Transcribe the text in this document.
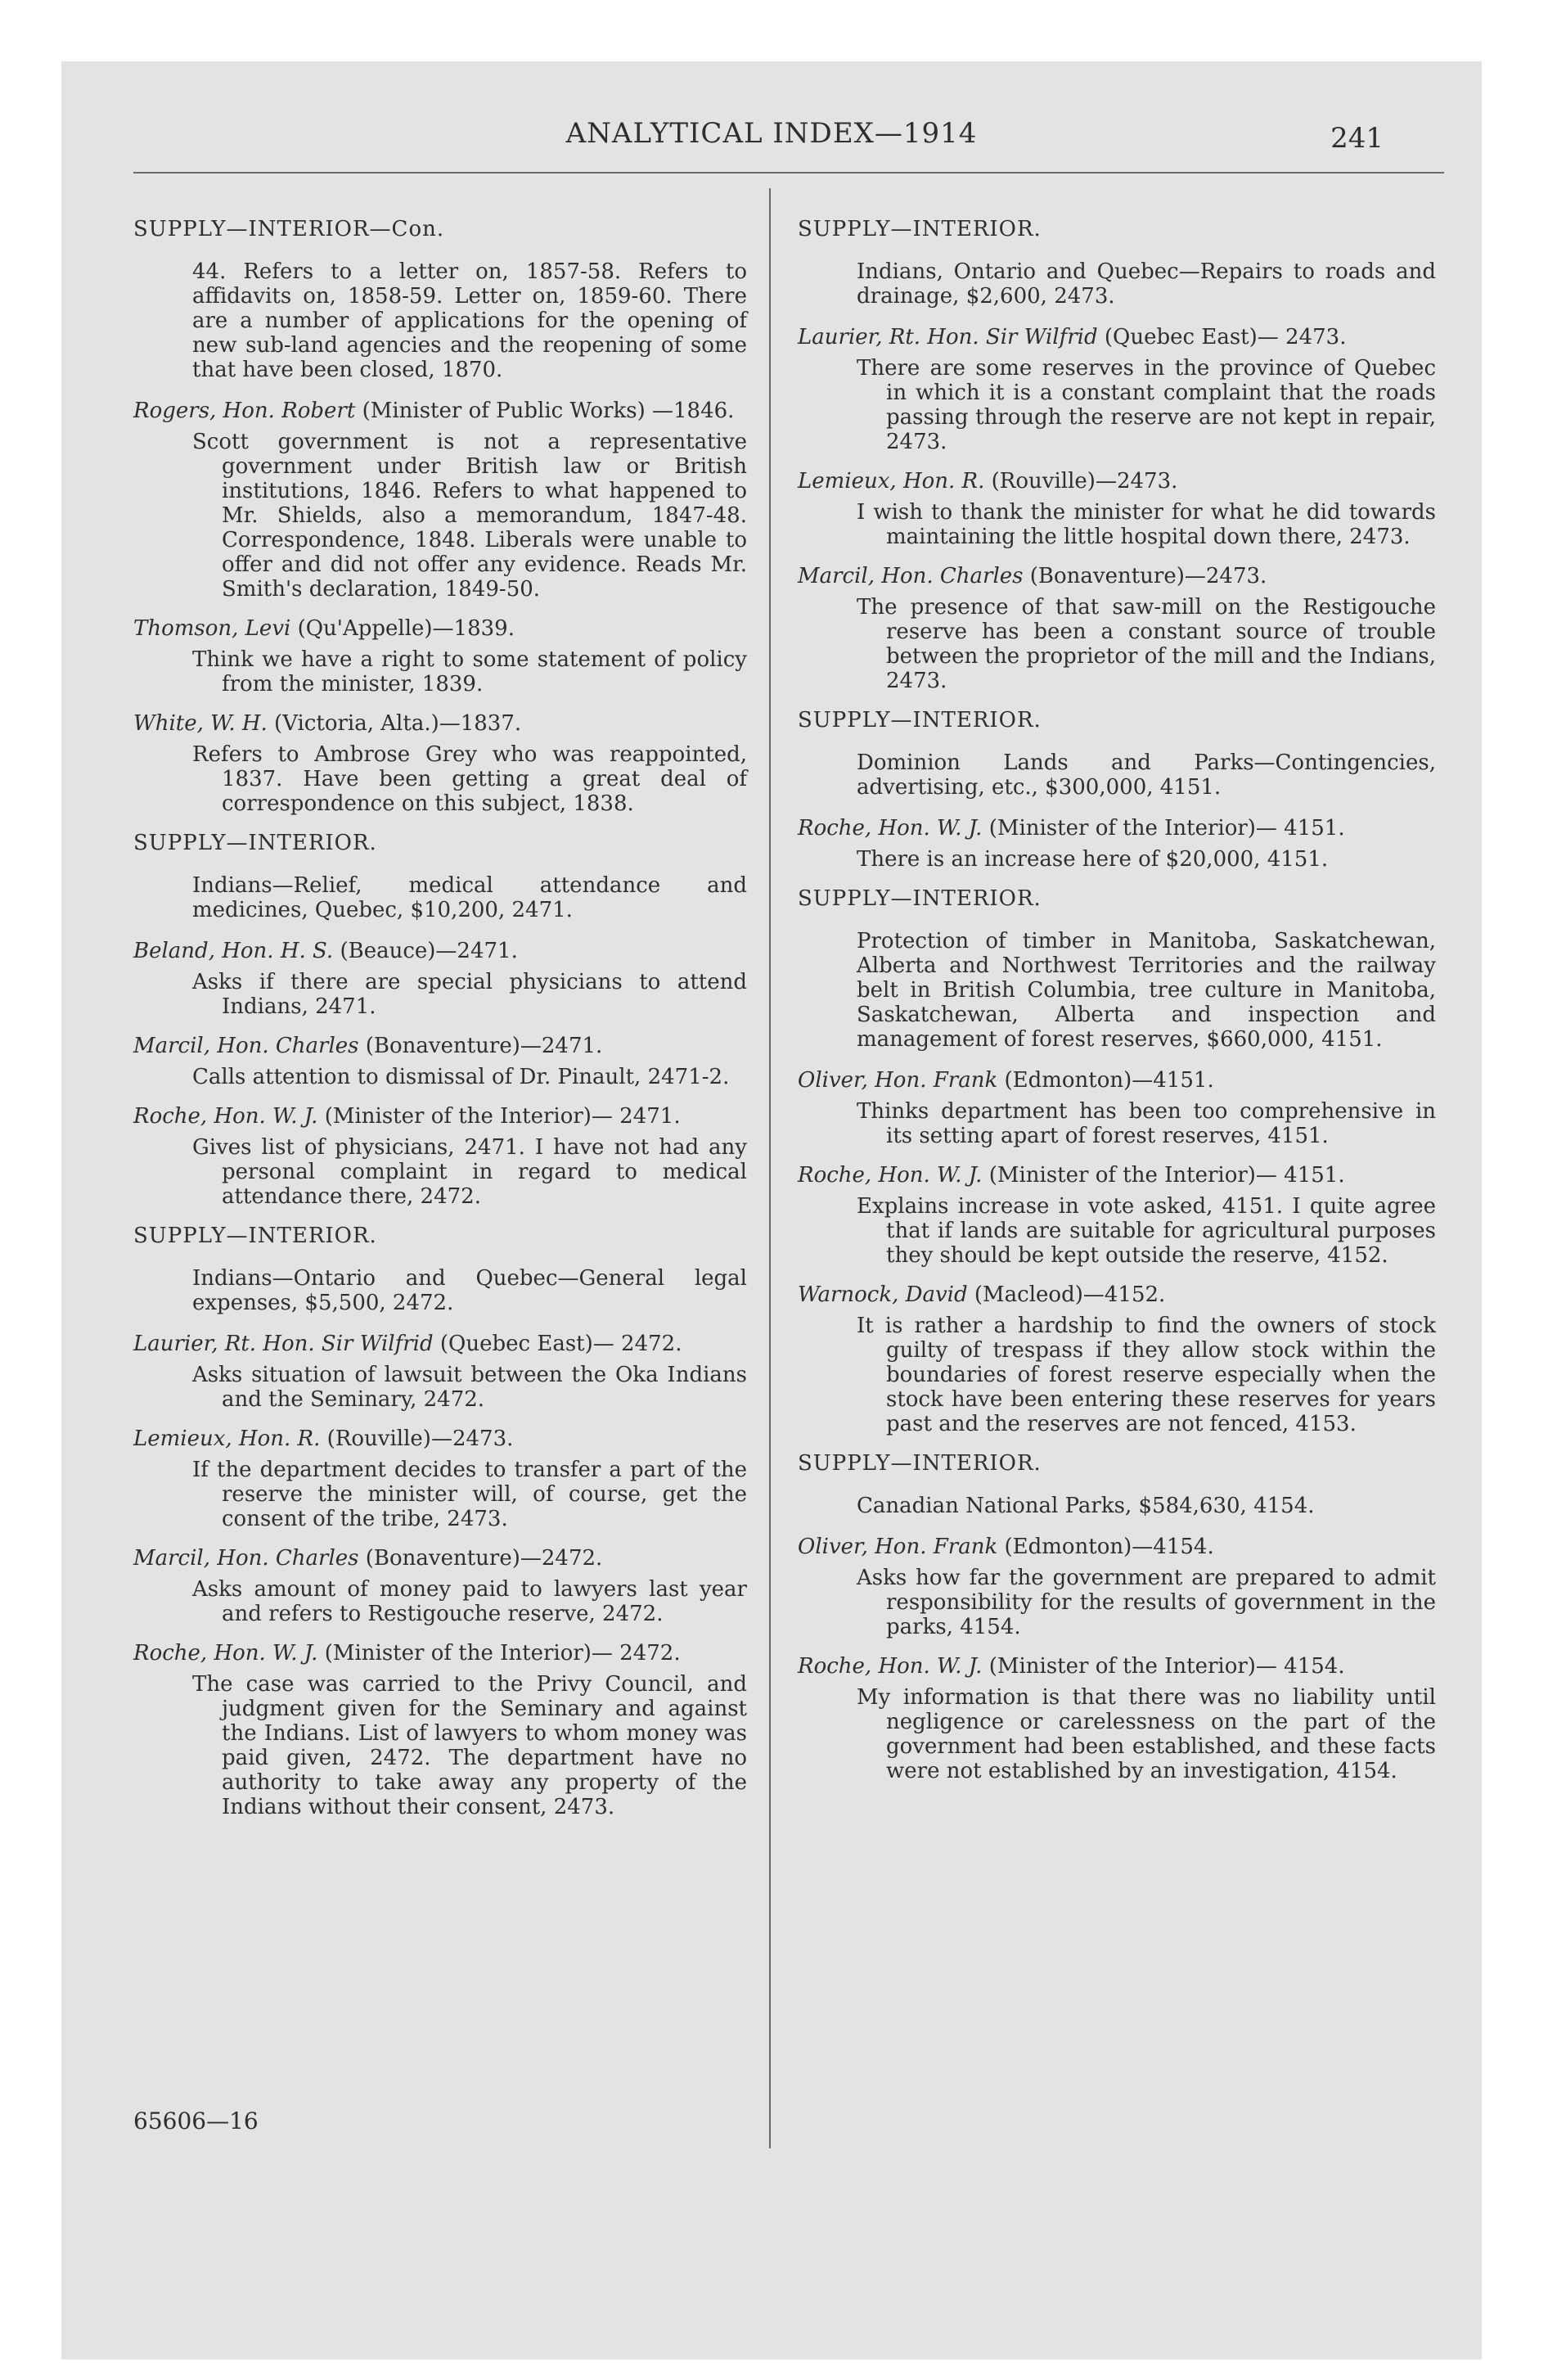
ANALYTICAL INDEX—1914	241
SUPPLY—INTERIOR—Con.
44. Refers to a letter on, 1857-58. Refers to affidavits on, 1858-59. Letter on, 1859-60. There are a number of applications for the opening of new sub-land agencies and the reopening of some that have been closed, 1870.
Rogers, Hon. Robert (Minister of Public Works) —1846.
Scott government is not a representative government under British law or British institutions, 1846. Refers to what happened to Mr. Shields, also a memorandum, 1847-48. Correspondence, 1848. Liberals were unable to offer and did not offer any evidence. Reads Mr. Smith's declaration, 1849-50.
Thomson, Levi (Qu'Appelle)—1839.
Think we have a right to some statement of policy from the minister, 1839.
White, W. H. (Victoria, Alta.)—1837.
Refers to Ambrose Grey who was reappointed, 1837. Have been getting a great deal of correspondence on this subject, 1838.
SUPPLY—INTERIOR.
Indians—Relief, medical attendance and medicines, Quebec, $10,200, 2471.
Beland, Hon. H. S. (Beauce)—2471.
Asks if there are special physicians to attend Indians, 2471.
Marcil, Hon. Charles (Bonaventure)—2471.
Calls attention to dismissal of Dr. Pinault, 2471-2.
Roche, Hon. W. J. (Minister of the Interior)— 2471.
Gives list of physicians, 2471. I have not had any personal complaint in regard to medical attendance there, 2472.
SUPPLY—INTERIOR.
Indians—Ontario and Quebec—General legal expenses, $5,500, 2472.
Laurier, Rt. Hon. Sir Wilfrid (Quebec East)— 2472.
Asks situation of lawsuit between the Oka Indians and the Seminary, 2472.
Lemieux, Hon. R. (Rouville)—2473.
If the department decides to transfer a part of the reserve the minister will, of course, get the consent of the tribe, 2473.
Marcil, Hon. Charles (Bonaventure)—2472.
Asks amount of money paid to lawyers last year and refers to Restigouche reserve, 2472.
Roche, Hon. W. J. (Minister of the Interior)— 2472.
The case was carried to the Privy Council, and judgment given for the Seminary and against the Indians. List of lawyers to whom money was paid given, 2472. The department have no authority to take away any property of the Indians without their consent, 2473.
SUPPLY—INTERIOR.
Indians, Ontario and Quebec—Repairs to roads and drainage, $2,600, 2473.
Laurier, Rt. Hon. Sir Wilfrid (Quebec East)— 2473.
There are some reserves in the province of Quebec in which it is a constant complaint that the roads passing through the reserve are not kept in repair, 2473.
Lemieux, Hon. R. (Rouville)—2473.
I wish to thank the minister for what he did towards maintaining the little hospital down there, 2473.
Marcil, Hon. Charles (Bonaventure)—2473.
The presence of that saw-mill on the Restigouche reserve has been a constant source of trouble between the proprietor of the mill and the Indians, 2473.
SUPPLY—INTERIOR.
Dominion Lands and Parks—Contingencies, advertising, etc., $300,000, 4151.
Roche, Hon. W. J. (Minister of the Interior)— 4151.
There is an increase here of $20,000, 4151.
SUPPLY—INTERIOR.
Protection of timber in Manitoba, Saskatchewan, Alberta and Northwest Territories and the railway belt in British Columbia, tree culture in Manitoba, Saskatchewan, Alberta and inspection and management of forest reserves, $660,000, 4151.
Oliver, Hon. Frank (Edmonton)—4151.
Thinks department has been too comprehensive in its setting apart of forest reserves, 4151.
Roche, Hon. W. J. (Minister of the Interior)— 4151.
Explains increase in vote asked, 4151. I quite agree that if lands are suitable for agricultural purposes they should be kept outside the reserve, 4152.
Warnock, David (Macleod)—4152.
It is rather a hardship to find the owners of stock guilty of trespass if they allow stock within the boundaries of forest reserve especially when the stock have been entering these reserves for years past and the reserves are not fenced, 4153.
SUPPLY—INTERIOR.
Canadian National Parks, $584,630, 4154.
Oliver, Hon. Frank (Edmonton)—4154.
Asks how far the government are prepared to admit responsibility for the results of government in the parks, 4154.
Roche, Hon. W. J. (Minister of the Interior)— 4154.
My information is that there was no liability until negligence or carelessness on the part of the government had been established, and these facts were not established by an investigation, 4154.
65606—16
